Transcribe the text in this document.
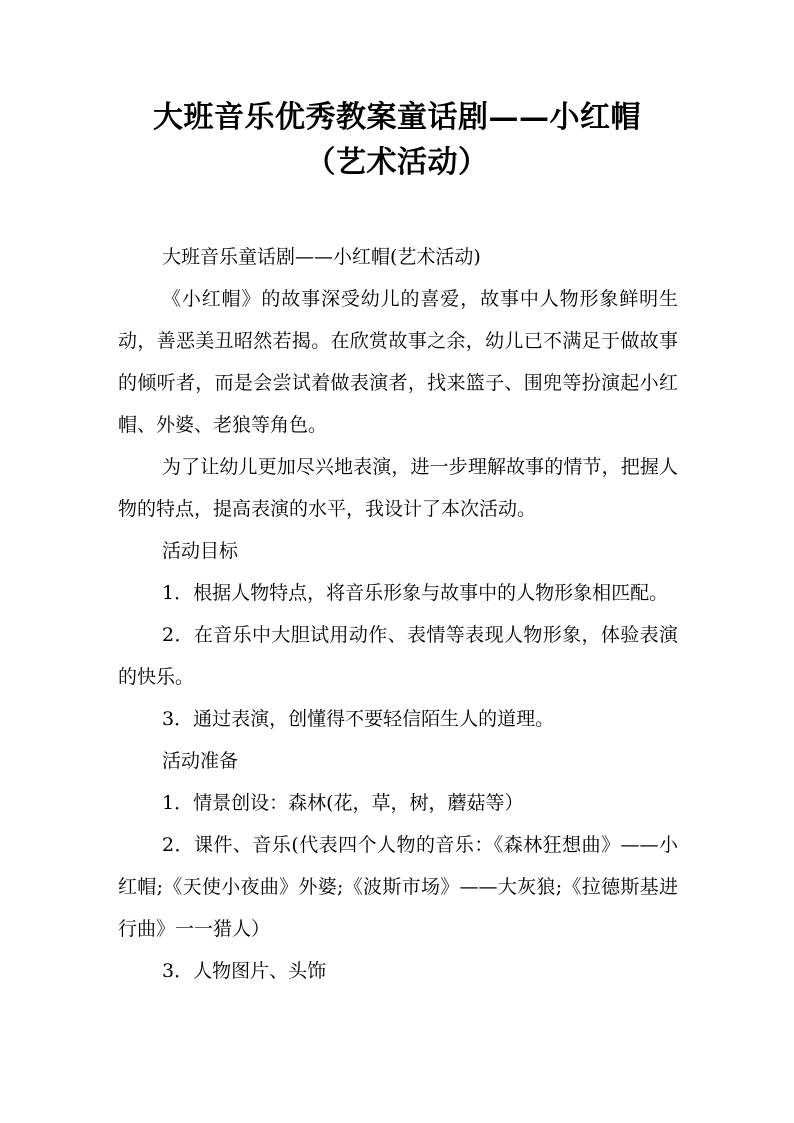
大班音乐优秀教案童话剧——小红帽
（艺术活动）

大班音乐童话剧——小红帽(艺术活动)

《小红帽》的故事深受幼儿的喜爱，故事中人物形象鲜明生动，善恶美丑昭然若揭。在欣赏故事之余，幼儿已不满足于做故事的倾听者，而是会尝试着做表演者，找来篮子、围兜等扮演起小红帽、外婆、老狼等角色。

为了让幼儿更加尽兴地表演，进一步理解故事的情节，把握人物的特点，提高表演的水平，我设计了本次活动。

活动目标

1．根据人物特点，将音乐形象与故事中的人物形象相匹配。

2．在音乐中大胆试用动作、表情等表现人物形象，体验表演的快乐。

3．通过表演，创懂得不要轻信陌生人的道理。

活动准备

1．情景创设：森林(花，草，树，蘑菇等）

2．课件、音乐(代表四个人物的音乐：《森林狂想曲》——小红帽;《天使小夜曲》外婆;《波斯市场》——大灰狼;《拉德斯基进行曲》一一猎人）

3．人物图片、头饰
